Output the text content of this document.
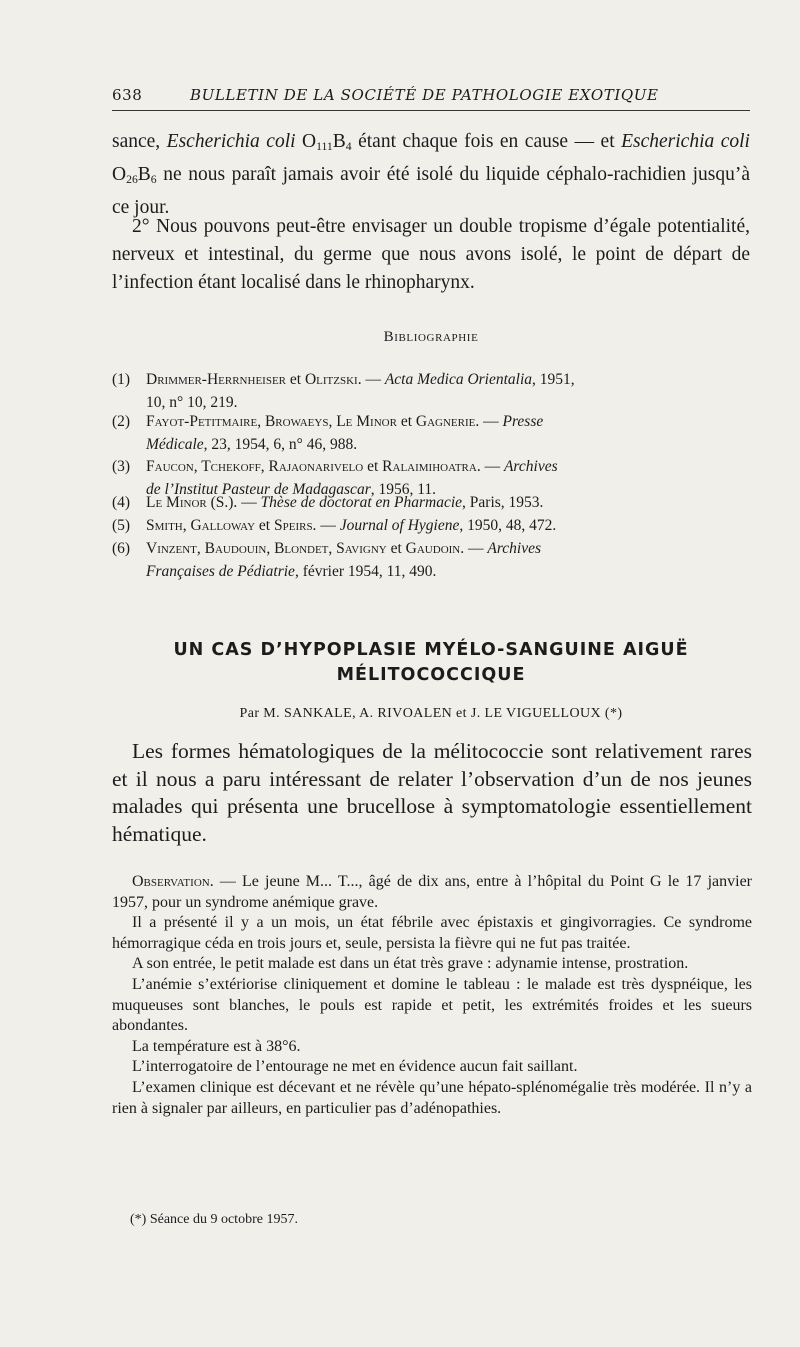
638	BULLETIN DE LA SOCIÉTÉ DE PATHOLOGIE EXOTIQUE
sance, Escherichia coli $O_{111}B_4$ étant chaque fois en cause — et Escherichia coli $O_{26}B_6$ ne nous paraît jamais avoir été isolé du liquide céphalo-rachidien jusqu’à ce jour.
2° Nous pouvons peut-être envisager un double tropisme d’égale potentialité, nerveux et intestinal, du germe que nous avons isolé, le point de départ de l’infection étant localisé dans le rhinopharynx.
Bibliographie
(1) Drimmer-Herrnheiser et Olitzski. — Acta Medica Orientalia, 1951,
10, n° 10, 219.
(2) Fayot-Petitmaire, Browaeys, Le Minor et Gagnerie. — Presse
Médicale, 23, 1954, 6, n° 46, 988.
(3) Faucon, Tchekoff, Rajaonarivelo et Ralaimihoatra. — Archives
de l’Institut Pasteur de Madagascar, 1956, 11.
(4) Le Minor (S.). — Thèse de doctorat en Pharmacie, Paris, 1953.
(5) Smith, Galloway et Speirs. — Journal of Hygiene, 1950, 48, 472.
(6) Vinzent, Baudouin, Blondet, Savigny et Gaudoin. — Archives
Françaises de Pédiatrie, février 1954, 11, 490.
UN CAS D’HYPOPLASIE MYÉLO-SANGUINE AIGUË
MÉLITOCOCCIQUE
Par M. SANKALE, A. RIVOALEN et J. LE VIGUELLOUX (*)
Les formes hématologiques de la mélitococcie sont relativement rares et il nous a paru intéressant de relater l’observation d’un de nos jeunes malades qui présenta une brucellose à symptomatologie essentiellement hématique.
Observation. — Le jeune M... T..., âgé de dix ans, entre à l’hôpital du Point G le 17 janvier 1957, pour un syndrome anémique grave.
Il a présenté il y a un mois, un état fébrile avec épistaxis et gingivorragies. Ce syndrome hémorragique céda en trois jours et, seule, persista la fièvre qui ne fut pas traitée.
A son entrée, le petit malade est dans un état très grave : adynamie intense, prostration.
L’anémie s’extériorise cliniquement et domine le tableau : le malade est très dyspnéique, les muqueuses sont blanches, le pouls est rapide et petit, les extrémités froides et les sueurs abondantes.
La température est à 38°6.
L’interrogatoire de l’entourage ne met en évidence aucun fait saillant.
L’examen clinique est décevant et ne révèle qu’une hépato-splénomégalie très modérée. Il n’y a rien à signaler par ailleurs, en particulier pas d’adénopathies.
(*) Séance du 9 octobre 1957.
